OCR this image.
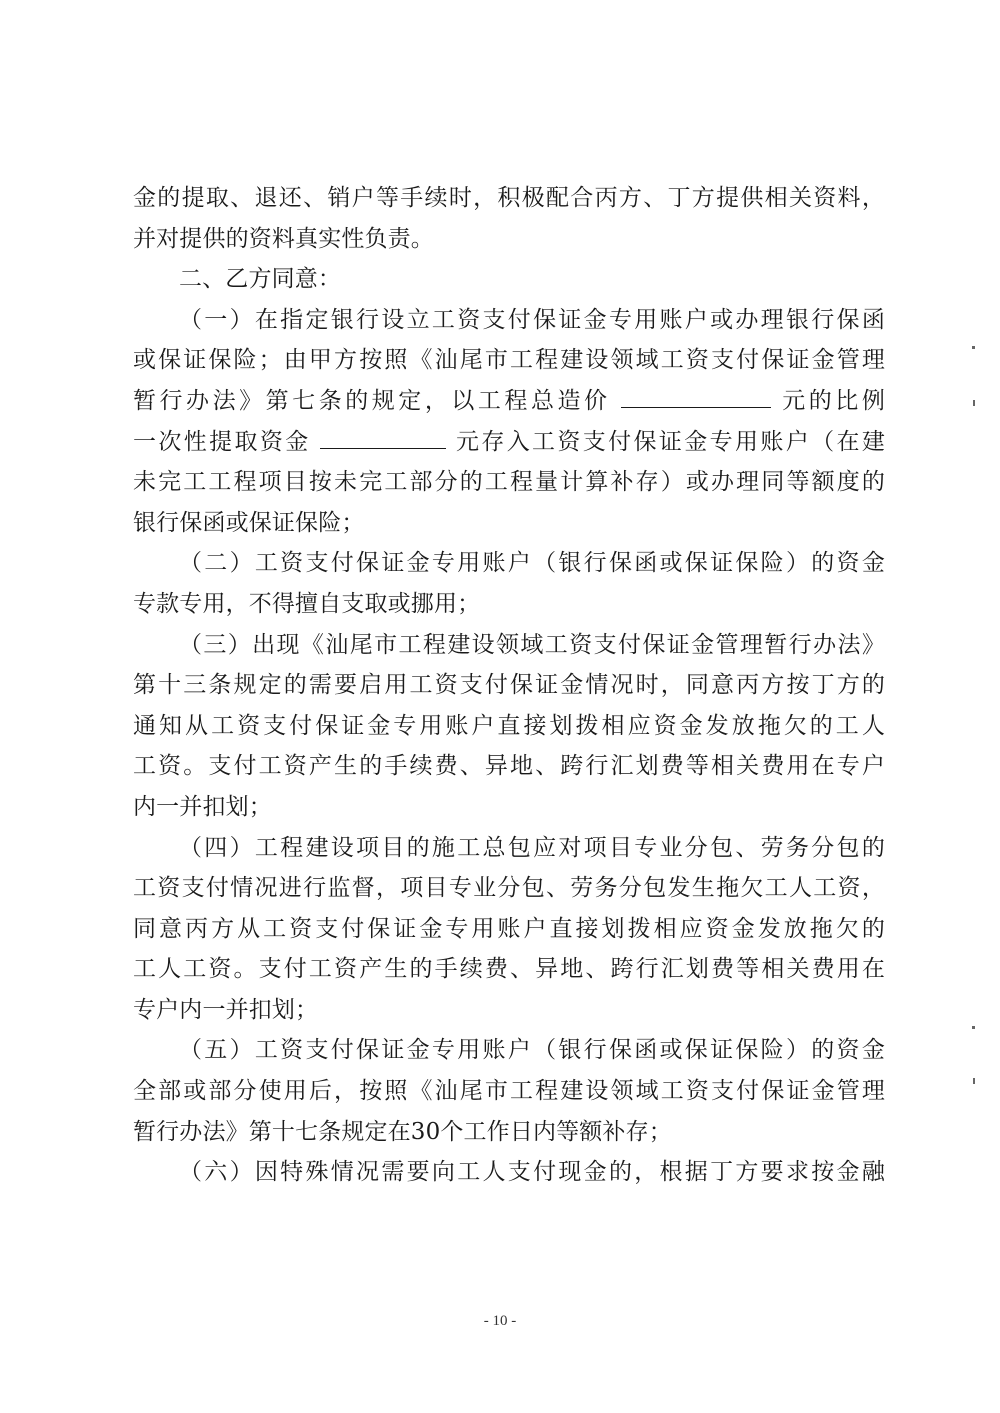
金的提取、退还、销户等手续时，积极配合丙方、丁方提供相关资料，
并对提供的资料真实性负责。
二、乙方同意：
（一）在指定银行设立工资支付保证金专用账户或办理银行保函
或保证保险；由甲方按照《汕尾市工程建设领域工资支付保证金管理
暂行办法》第七条的规定，以工程总造价	元的比例
一次性提取资金	元存入工资支付保证金专用账户（在建
未完工工程项目按未完工部分的工程量计算补存）或办理同等额度的
银行保函或保证保险；
（二）工资支付保证金专用账户（银行保函或保证保险）的资金
专款专用，不得擅自支取或挪用；
（三）出现《汕尾市工程建设领域工资支付保证金管理暂行办法》
第十三条规定的需要启用工资支付保证金情况时，同意丙方按丁方的
通知从工资支付保证金专用账户直接划拨相应资金发放拖欠的工人
工资。支付工资产生的手续费、异地、跨行汇划费等相关费用在专户
内一并扣划；
（四）工程建设项目的施工总包应对项目专业分包、劳务分包的
工资支付情况进行监督，项目专业分包、劳务分包发生拖欠工人工资，
同意丙方从工资支付保证金专用账户直接划拨相应资金发放拖欠的
工人工资。支付工资产生的手续费、异地、跨行汇划费等相关费用在
专户内一并扣划；
（五）工资支付保证金专用账户（银行保函或保证保险）的资金
全部或部分使用后，按照《汕尾市工程建设领域工资支付保证金管理
暂行办法》第十七条规定在30个工作日内等额补存；
（六）因特殊情况需要向工人支付现金的，根据丁方要求按金融
- 10 -
